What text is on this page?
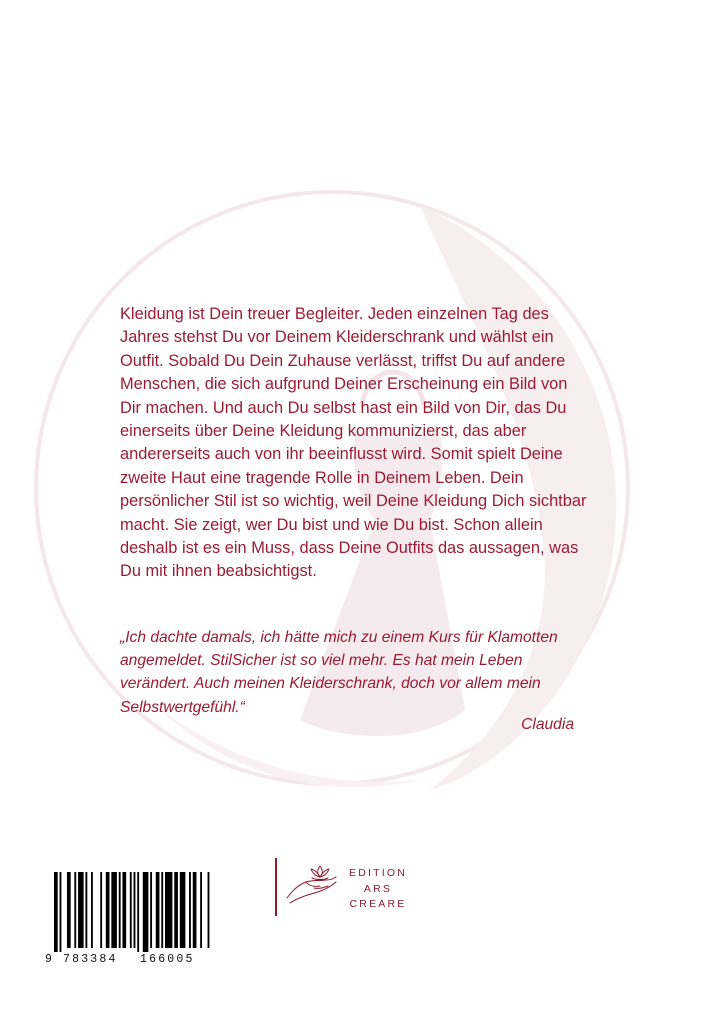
Kleidung ist Dein treuer Begleiter. Jeden einzelnen Tag des Jahres stehst Du vor Deinem Kleiderschrank und wählst ein Outfit. Sobald Du Dein Zuhause verlässt, triffst Du auf andere Menschen, die sich aufgrund Deiner Erscheinung ein Bild von Dir machen. Und auch Du selbst hast ein Bild von Dir, das Du einerseits über Deine Kleidung kommunizierst, das aber andererseits auch von ihr beeinflusst wird. Somit spielt Deine zweite Haut eine tragende Rolle in Deinem Leben. Dein persönlicher Stil ist so wichtig, weil Deine Kleidung Dich sichtbar macht. Sie zeigt, wer Du bist und wie Du bist. Schon allein deshalb ist es ein Muss, dass Deine Outfits das aussagen, was Du mit ihnen beabsichtigst.

„Ich dachte damals, ich hätte mich zu einem Kurs für Klamotten angemeldet. StilSicher ist so viel mehr. Es hat mein Leben verändert. Auch meinen Kleiderschrank, doch vor allem mein Selbstwertgefühl.“

Claudia
9 783384 166005
EDITION
ARS
CREARE
